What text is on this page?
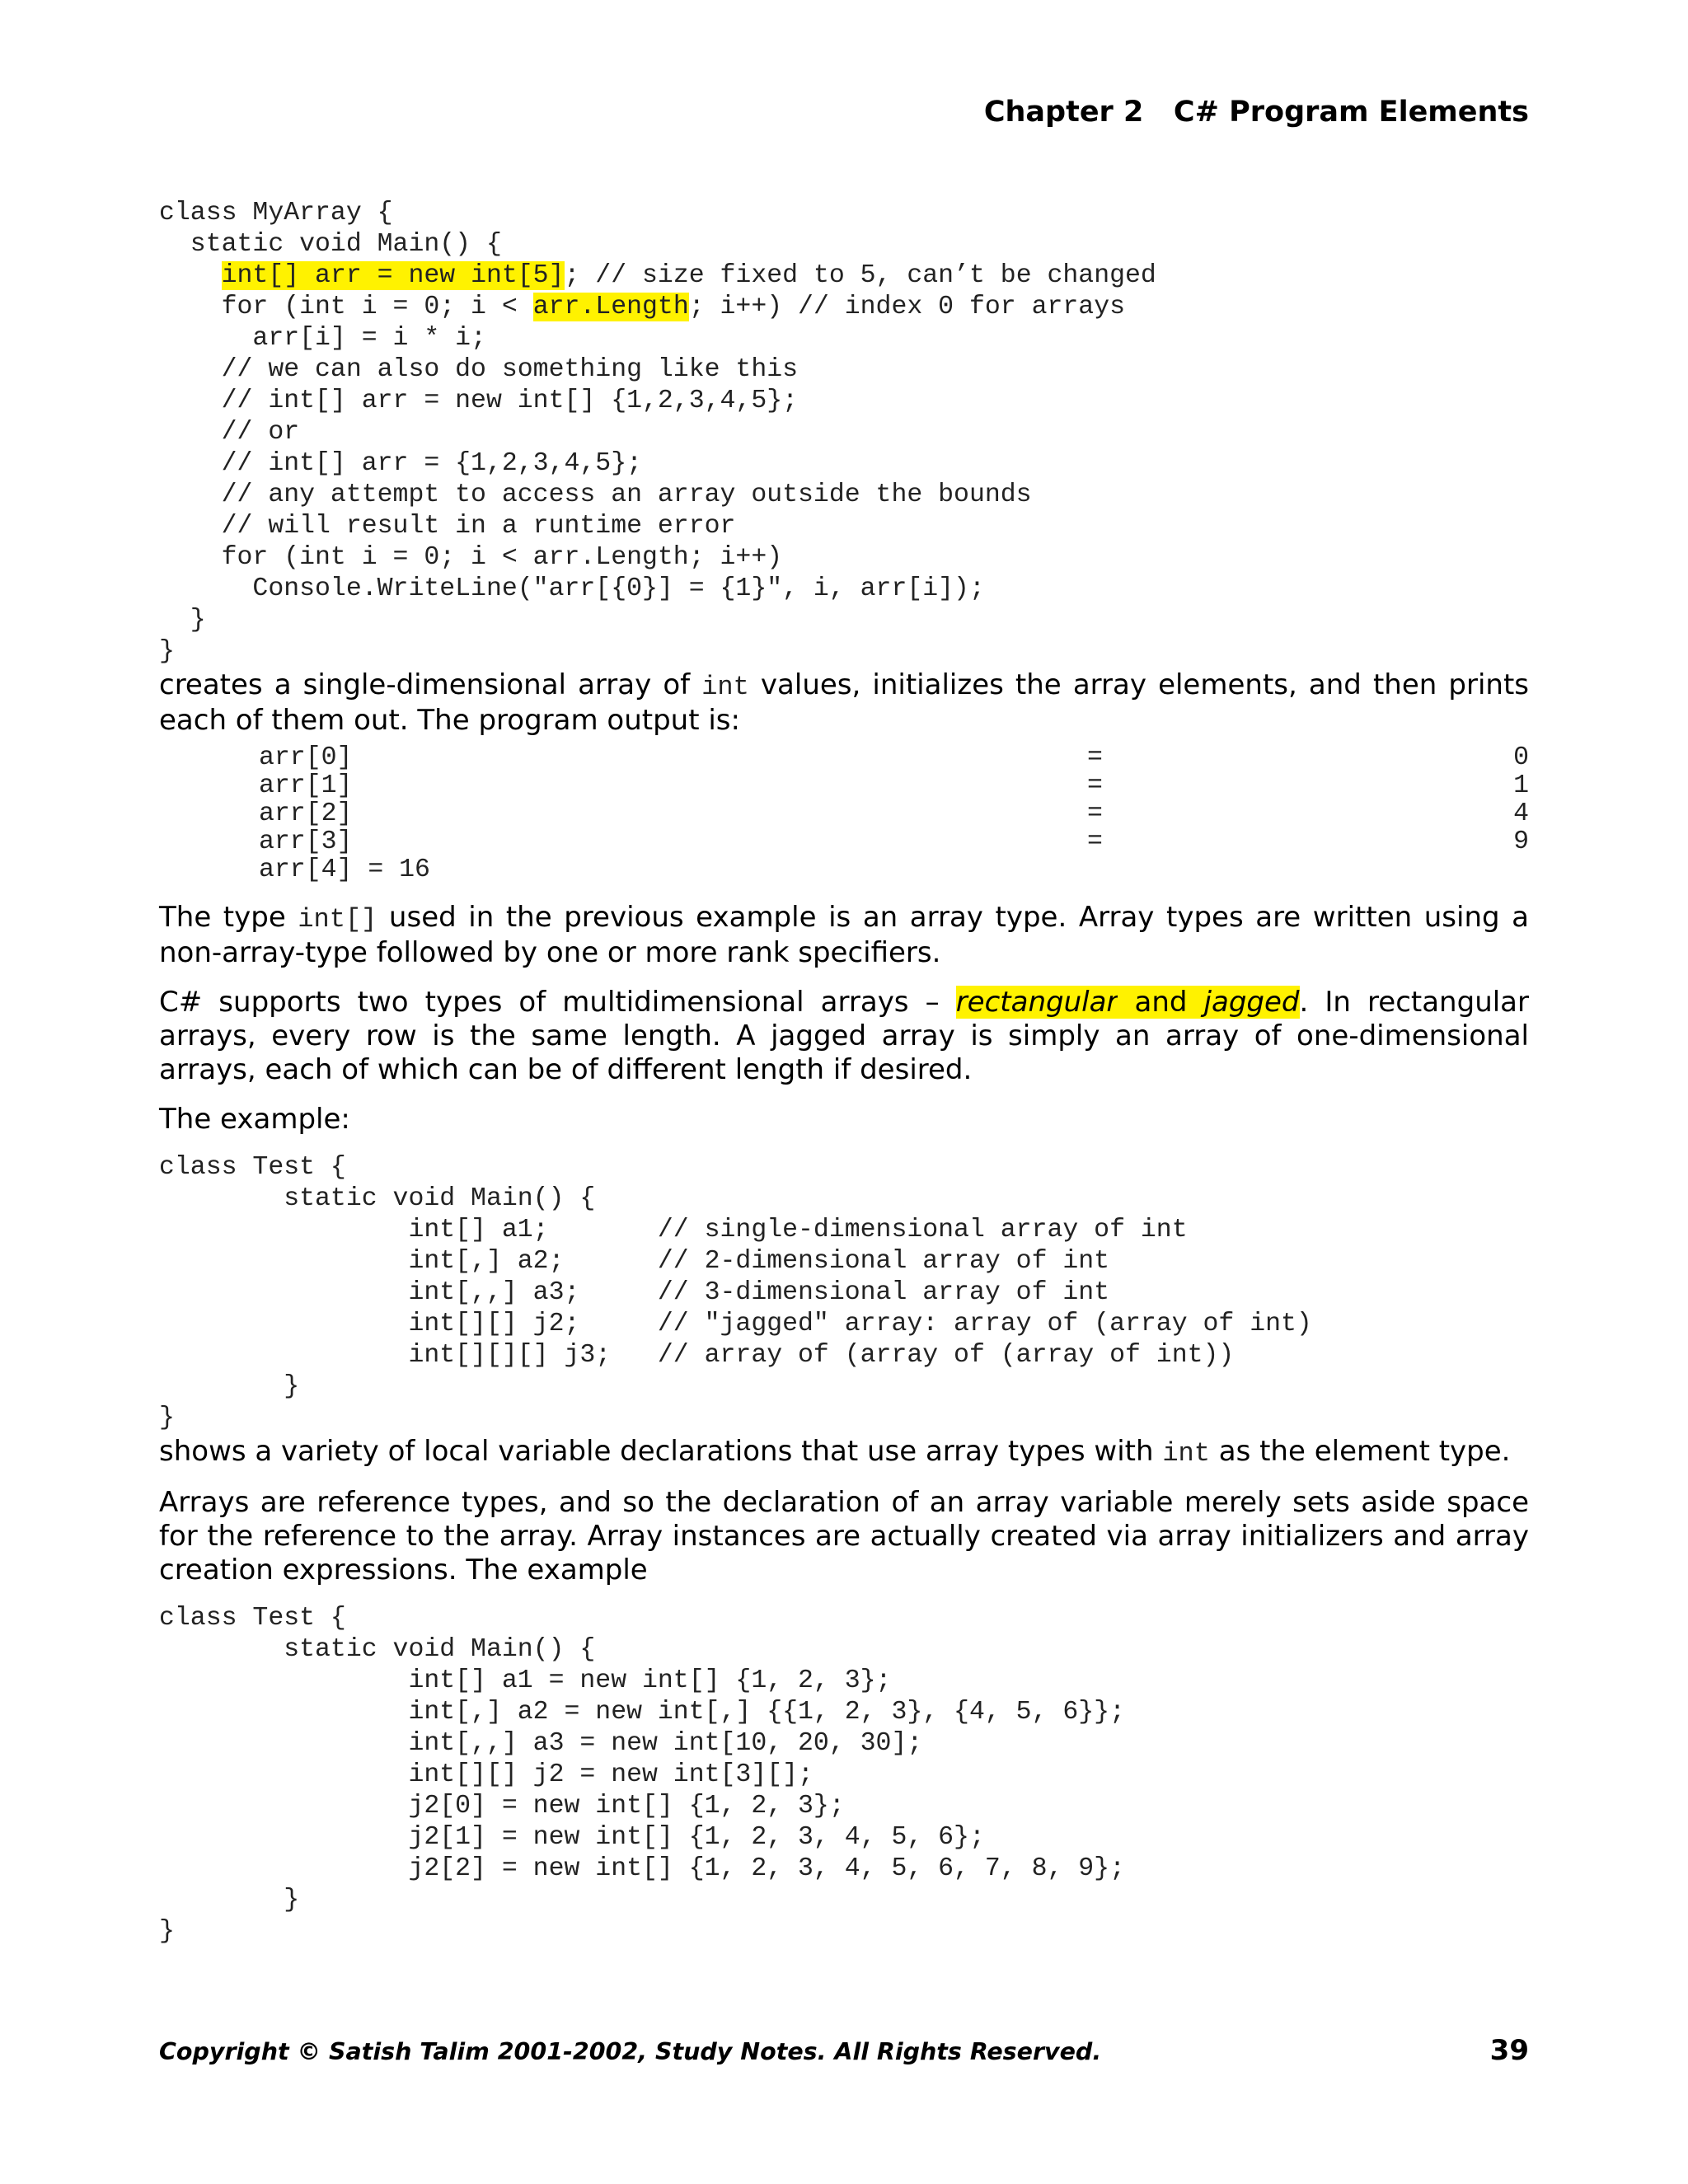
Chapter 2 C# Program Elements
class MyArray {
static void Main() {
int[] arr = new int[5]; // size fixed to 5, can’t be changed
for (int i = 0; i < arr.Length; i++) // index 0 for arrays
arr[i] = i * i;
// we can also do something like this
// int[] arr = new int[] {1,2,3,4,5};
// or
// int[] arr = {1,2,3,4,5};
// any attempt to access an array outside the bounds
// will result in a runtime error
for (int i = 0; i < arr.Length; i++)
Console.WriteLine("arr[{0}] = {1}", i, arr[i]);
}
}

creates a single-dimensional array of int values, initializes the array elements, and then prints each of them out. The program output is:

arr[0]	=	0
arr[1]	=	1
arr[2]	=	4
arr[3]	=	9
arr[4] = 16

The type int[] used in the previous example is an array type. Array types are written using a non-array-type followed by one or more rank specifiers.

C# supports two types of multidimensional arrays – rectangular and jagged. In rectangular arrays, every row is the same length. A jagged array is simply an array of one-dimensional arrays, each of which can be of different length if desired.

The example:

class Test {
static void Main() {
int[] a1;       // single-dimensional array of int
int[,] a2;      // 2-dimensional array of int
int[,,] a3;     // 3-dimensional array of int
int[][] j2;     // "jagged" array: array of (array of int)
int[][][] j3;   // array of (array of (array of int))
}
}

shows a variety of local variable declarations that use array types with int as the element type.

Arrays are reference types, and so the declaration of an array variable merely sets aside space for the reference to the array. Array instances are actually created via array initializers and array creation expressions. The example

class Test {
static void Main() {
int[] a1 = new int[] {1, 2, 3};
int[,] a2 = new int[,] {{1, 2, 3}, {4, 5, 6}};
int[,,] a3 = new int[10, 20, 30];
int[][] j2 = new int[3][];
j2[0] = new int[] {1, 2, 3};
j2[1] = new int[] {1, 2, 3, 4, 5, 6};
j2[2] = new int[] {1, 2, 3, 4, 5, 6, 7, 8, 9};
}
}
Copyright © Satish Talim 2001-2002, Study Notes. All Rights Reserved.	39
